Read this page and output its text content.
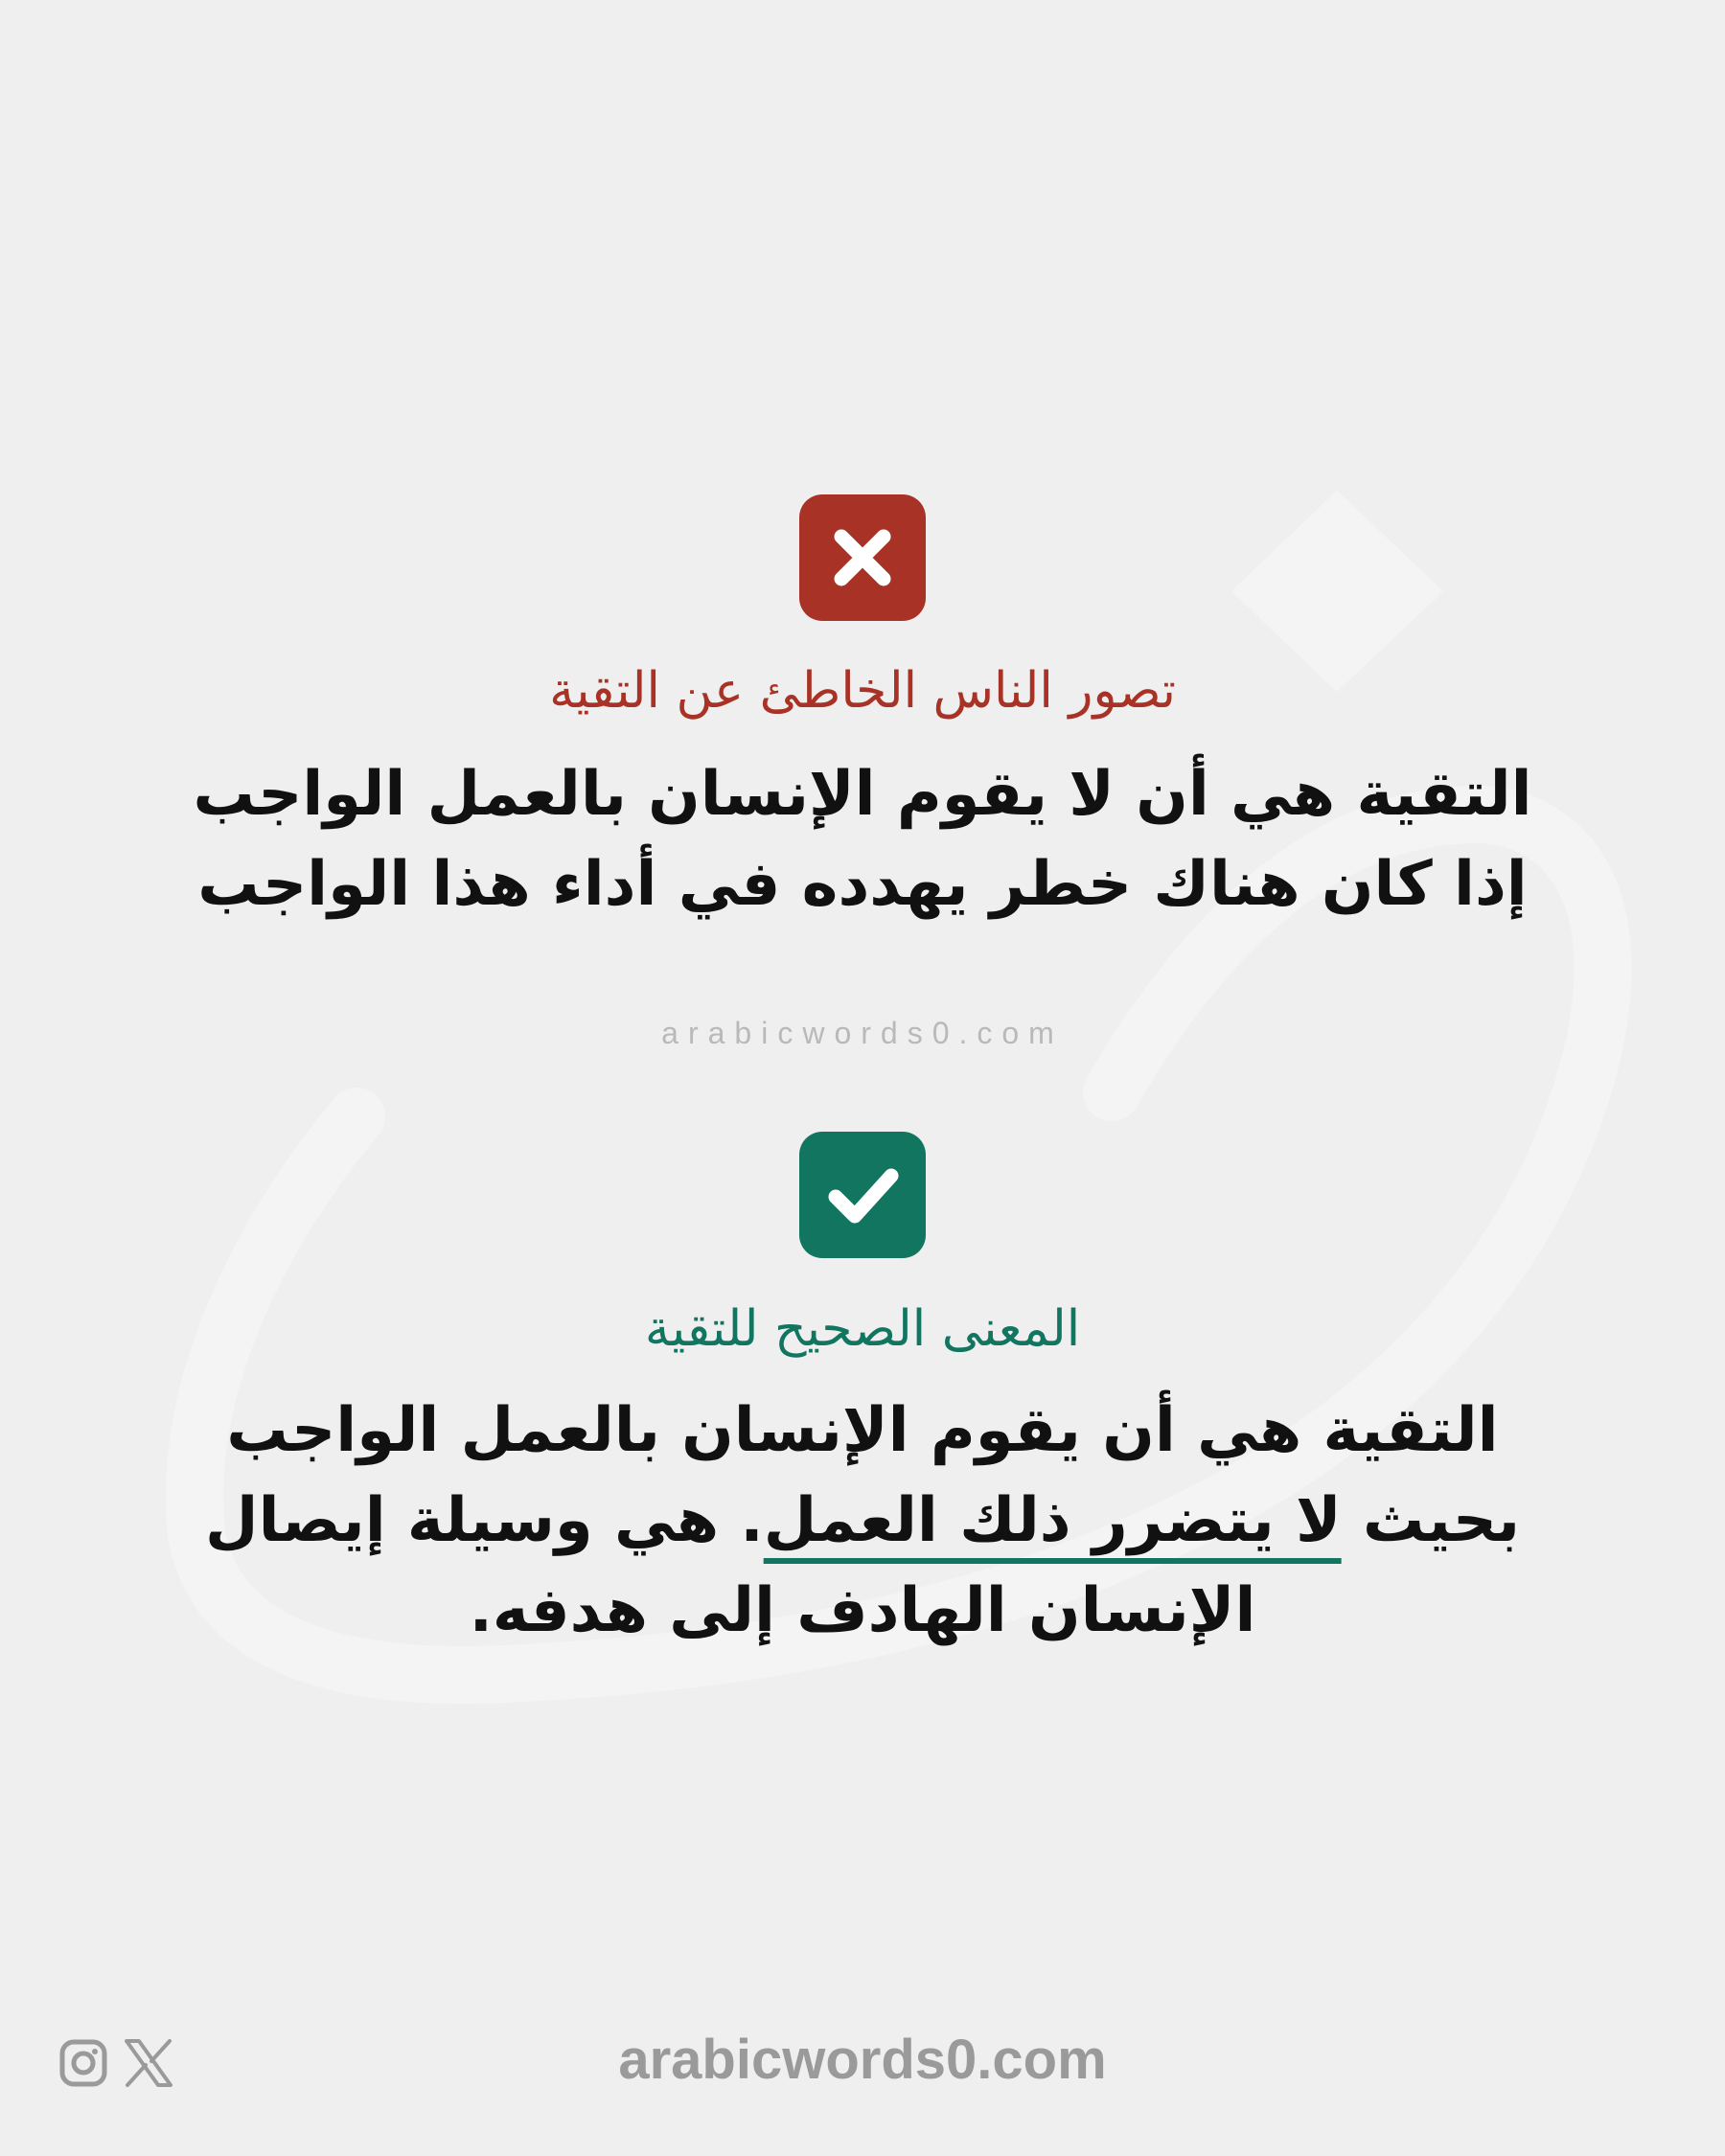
تصور الناس الخاطئ عن التقية
التقية هي أن لا يقوم الإنسان بالعمل الواجب
إذا كان هناك خطر يهدده في أداء هذا الواجب
arabicwords0.com
المعنى الصحيح للتقية
التقية هي أن يقوم الإنسان بالعمل الواجب
بحيث لا يتضرر ذلك العمل. هي وسيلة إيصال
الإنسان الهادف إلى هدفه.
arabicwords0.com
